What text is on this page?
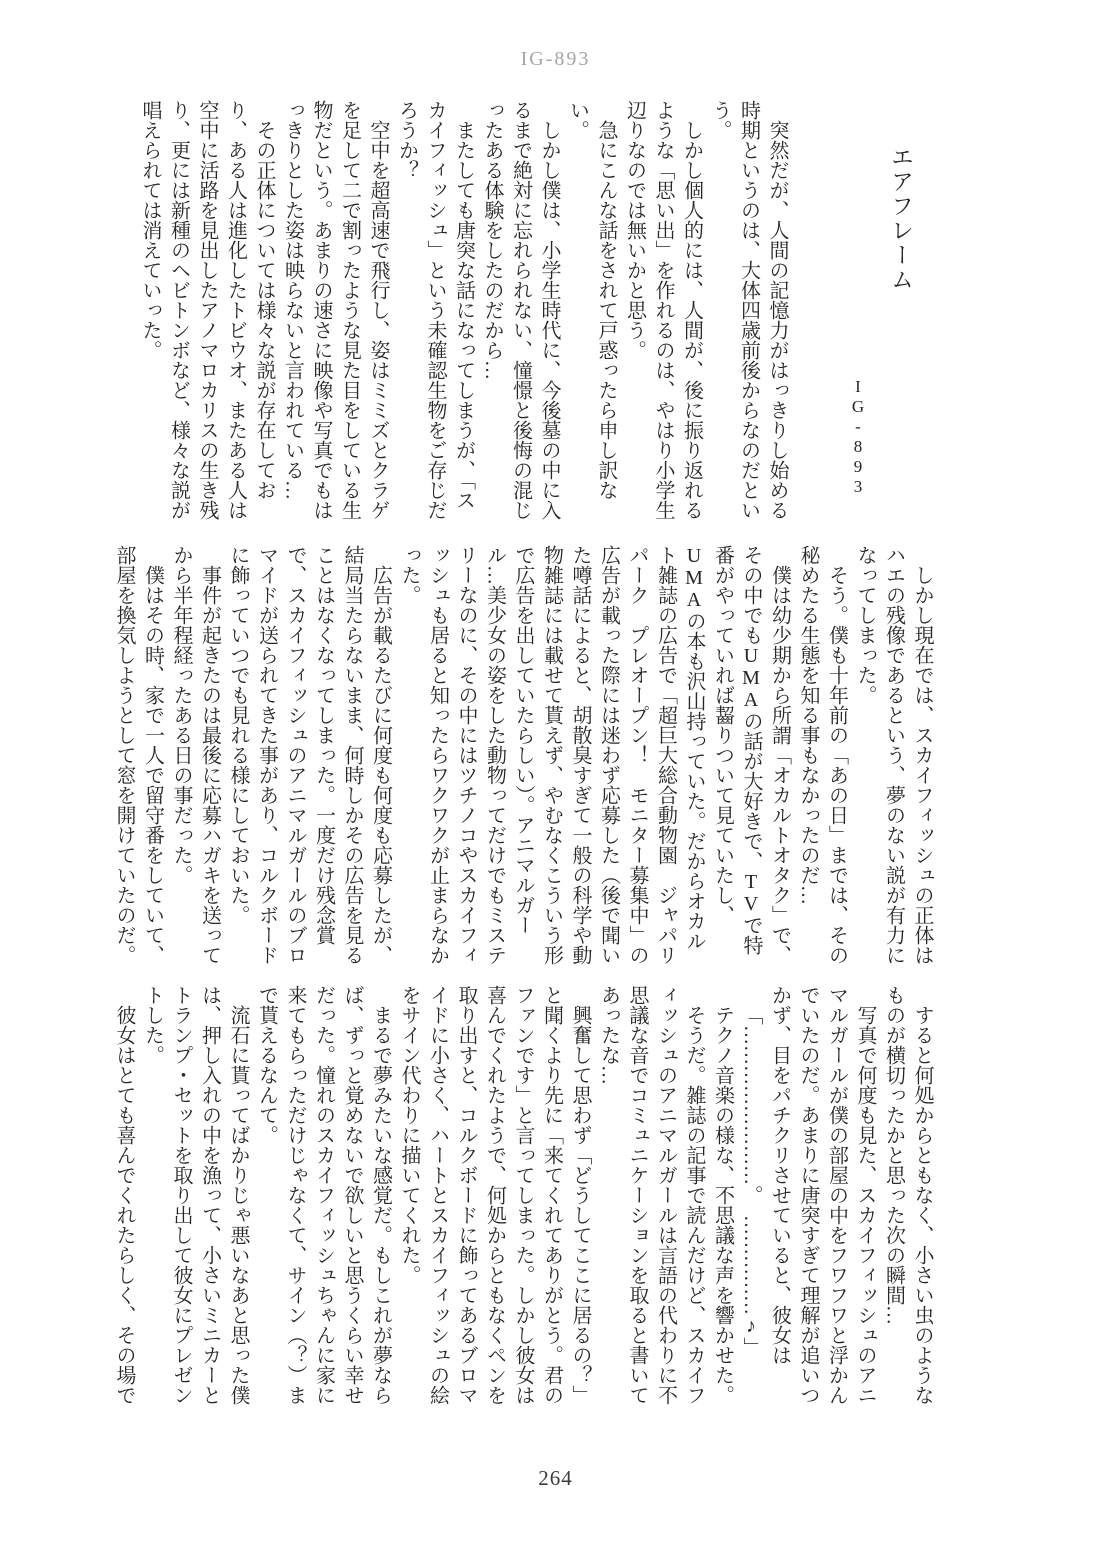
IG-893
エアフレーム
IG-893

突然だが、人間の記憶力がはっきりし始める時期というのは、大体四歳前後からなのだという。

しかし個人的には、人間が、後に振り返れるような「思い出」を作れるのは、やはり小学生辺りなのでは無いかと思う。

急にこんな話をされて戸惑ったら申し訳ない。

しかし僕は、小学生時代に、今後墓の中に入るまで絶対に忘れられない、憧憬と後悔の混じったある体験をしたのだから…

またしても唐突な話になってしまうが、「スカイフィッシュ」という未確認生物をご存じだろうか？

空中を超高速で飛行し、姿はミミズとクラゲを足して二で割ったような見た目をしている生物だという。あまりの速さに映像や写真でもはっきりとした姿は映らないと言われている…

その正体については様々な説が存在しており、ある人は進化したトビウオ、またある人は空中に活路を見出したアノマロカリスの生き残り、更には新種のヘビトンボなど、様々な説が唱えられては消えていった。

しかし現在では、スカイフィッシュの正体はハエの残像であるという、夢のない説が有力になってしまった。

そう。僕も十年前の「あの日」までは、その秘めたる生態を知る事もなかったのだ…

僕は幼少期から所謂「オカルトオタク」で、その中でもUMAの話が大好きで、TVで特番がやっていれば齧りついて見ていたし、UMAの本も沢山持っていた。だからオカルト雑誌の広告で「超巨大総合動物園　ジャパリパーク　プレオープン！　モニター募集中」の広告が載った際には迷わず応募した（後で聞いた噂話によると、胡散臭すぎて一般の科学や動物雑誌には載せて貰えず、やむなくこういう形で広告を出していたらしい）。アニマルガール…美少女の姿をした動物ってだけでもミステリーなのに、その中にはツチノコやスカイフィッシュも居ると知ったらワクワクが止まらなかった。

広告が載るたびに何度も何度も応募したが、結局当たらないまま、何時しかその広告を見ることはなくなってしまった。一度だけ残念賞で、スカイフィッシュのアニマルガールのブロマイドが送られてきた事があり、コルクボードに飾っていつでも見れる様にしておいた。

事件が起きたのは最後に応募ハガキを送ってから半年程経ったある日の事だった。

僕はその時、家で一人で留守番をしていて、部屋を換気しようとして窓を開けていたのだ。

すると何処からともなく、小さい虫のようなものが横切ったかと思った次の瞬間…

写真で何度も見た、スカイフィッシュのアニマルガールが僕の部屋の中をフワフワと浮かんでいたのだ。あまりに唐突すぎて理解が追いつかず、目をパチクリさせていると、彼女は

「……………………。　……………♪」

テクノ音楽の様な、不思議な声を響かせた。

そうだ。雑誌の記事で読んだけど、スカイフィッシュのアニマルガールは言語の代わりに不思議な音でコミュニケーションを取ると書いてあったな…

興奮して思わず「どうしてここに居るの？」と聞くより先に「来てくれてありがとう。君のファンです」と言ってしまった。しかし彼女は喜んでくれたようで、何処からともなくペンを取り出すと、コルクボードに飾ってあるブロマイドに小さく、ハートとスカイフィッシュの絵をサイン代わりに描いてくれた。

まるで夢みたいな感覚だ。もしこれが夢ならば、ずっと覚めないで欲しいと思うくらい幸せだった。憧れのスカイフィッシュちゃんに家に来てもらっただけじゃなくて、サイン（？）まで貰えるなんて。

流石に貰ってばかりじゃ悪いなあと思った僕は、押し入れの中を漁って、小さいミニカーとトランプ・セットを取り出して彼女にプレゼントした。

彼女はとても喜んでくれたらしく、その場で

264
